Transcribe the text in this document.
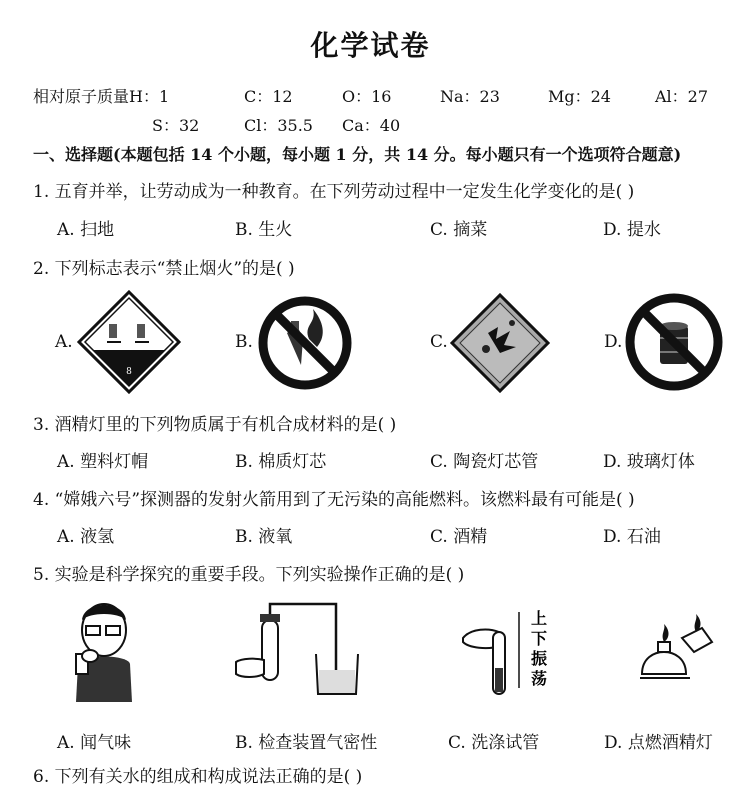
化学试卷
相对原子质量H：1	C：12	O：16	Na：23	Mg：24	Al：27
S：32	Cl：35.5 Ca：40
一、选择题(本题包括 14 个小题，每小题 1 分，共 14 分。每小题只有一个选项符合题意)
1. 五育并举，让劳动成为一种教育。在下列劳动过程中一定发生化学变化的是( )
A. 扫地	B. 生火	C. 摘菜	D. 提水
2. 下列标志表示“禁止烟火”的是( )
A.
8
B.	C.	D.
3. 酒精灯里的下列物质属于有机合成材料的是( )
A. 塑料灯帽	B. 棉质灯芯	C. 陶瓷灯芯管	D. 玻璃灯体
4. “嫦娥六号”探测器的发射火箭用到了无污染的高能燃料。该燃料最有可能是( )
A. 液氢	B. 液氧	C. 酒精	D. 石油
5. 实验是科学探究的重要手段。下列实验操作正确的是( )
上
下
振
荡
A. 闻气味	B. 检查装置气密性	C. 洗涤试管	D. 点燃酒精灯
6. 下列有关水的组成和构成说法正确的是( )
